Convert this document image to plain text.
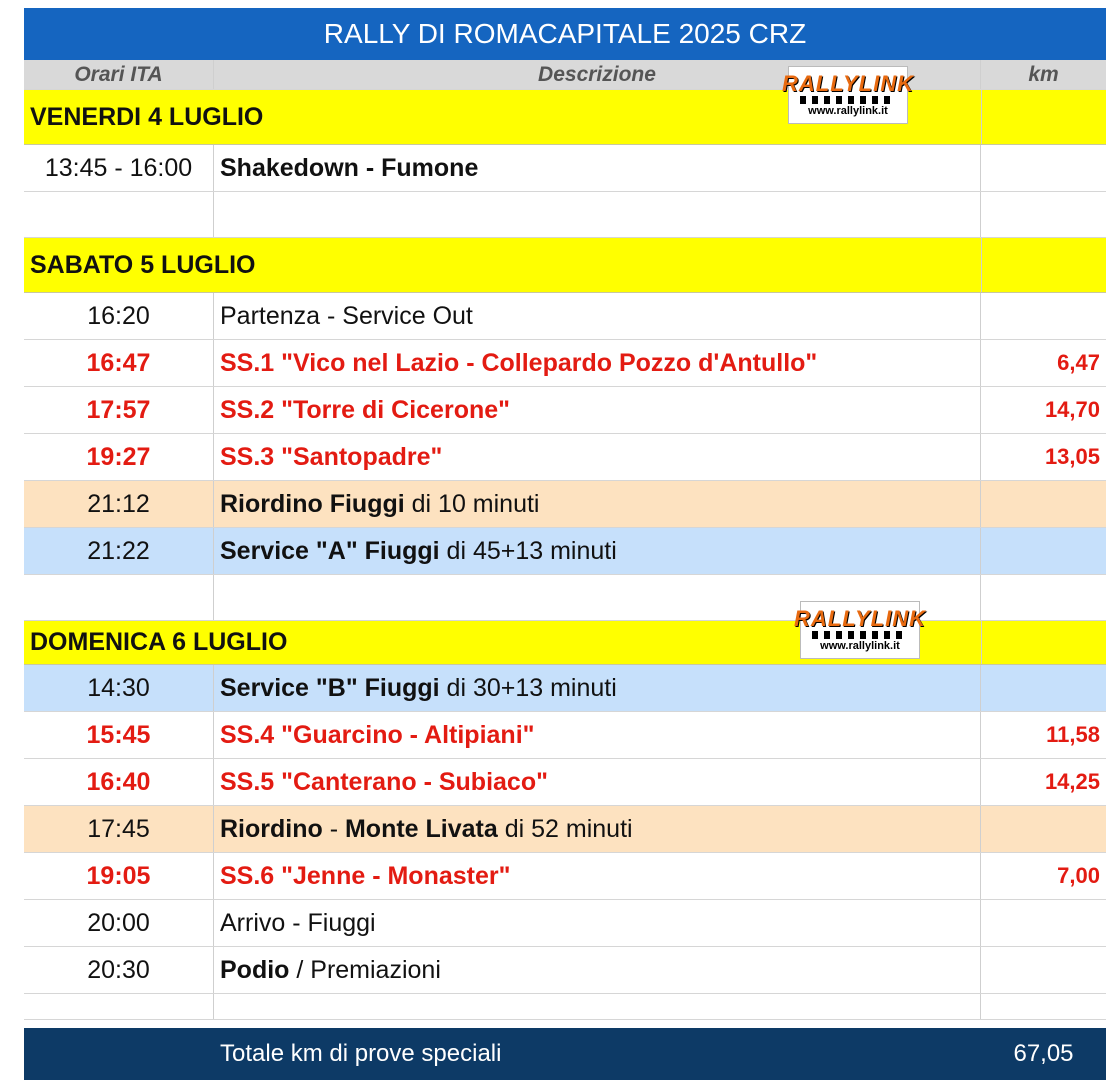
RALLY DI ROMACAPITALE 2025 CRZ
Orari ITA	Descrizione	km
VENERDI 4 LUGLIO
RALLYLINK
www.rallylink.it
13:45 - 16:00	Shakedown - Fumone
SABATO 5 LUGLIO
16:20	Partenza - Service Out
16:47	SS.1 "Vico nel Lazio - Collepardo Pozzo d'Antullo"	6,47
17:57	SS.2 "Torre di Cicerone"	14,70
19:27	SS.3 "Santopadre"	13,05
21:12	Riordino Fiuggi di 10 minuti
21:22	Service "A" Fiuggi di 45+13 minuti
DOMENICA 6 LUGLIO
RALLYLINK
www.rallylink.it
14:30	Service "B" Fiuggi di 30+13 minuti
15:45	SS.4 "Guarcino - Altipiani"	11,58
16:40	SS.5 "Canterano - Subiaco"	14,25
17:45	Riordino - Monte Livata di 52 minuti
19:05	SS.6 "Jenne - Monaster"	7,00
20:00	Arrivo - Fiuggi
20:30	Podio / Premiazioni
Totale km di prove speciali	67,05
